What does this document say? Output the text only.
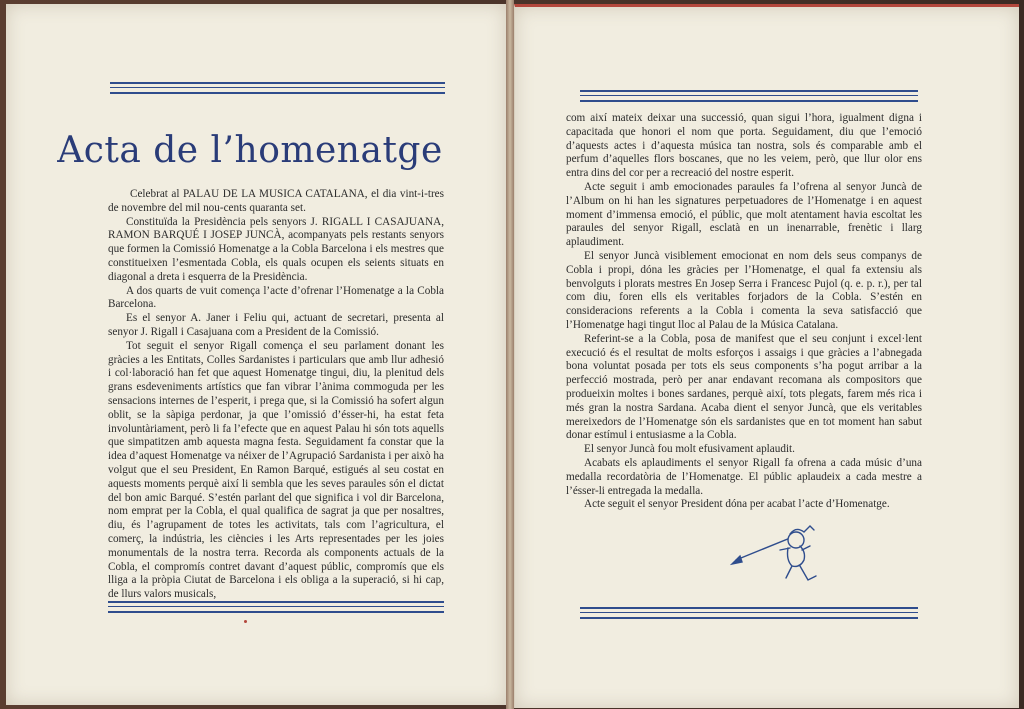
Acta de l’homenatge

Celebrat al PALAU DE LA MUSICA CATALANA, el dia vint-i-tres de novembre del mil nou-cents quaranta set.

Constituïda la Presidència pels senyors J. RIGALL I CASAJUANA, RAMON BARQUÉ I JOSEP JUNCÀ, acompanyats pels restants senyors que formen la Comissió Homenatge a la Cobla Barcelona i els mestres que constitueixen l’esmentada Cobla, els quals ocupen els seients situats en diagonal a dreta i esquerra de la Presidència.

A dos quarts de vuit comença l’acte d’ofrenar l’Homenatge a la Cobla Barcelona.

Es el senyor A. Janer i Feliu qui, actuant de secretari, presenta al senyor J. Rigall i Casajuana com a President de la Comissió.

Tot seguit el senyor Rigall comença el seu parlament donant les gràcies a les Entitats, Colles Sardanistes i particulars que amb llur adhesió i col·laboració han fet que aquest Homenatge tingui, diu, la plenitud dels grans esdeveniments artístics que fan vibrar l’ànima commoguda per les sensacions internes de l’esperit, i prega que, si la Comissió ha sofert algun oblit, se la sàpiga perdonar, ja que l’omissió d’ésser-hi, ha estat feta involuntàriament, però li fa l’efecte que en aquest Palau hi són tots aquells que simpatitzen amb aquesta magna festa. Seguidament fa constar que la idea d’aquest Homenatge va néixer de l’Agrupació Sardanista i per això ha volgut que el seu President, En Ramon Barqué, estigués al seu costat en aquests moments perquè així li sembla que les seves paraules són el dictat del bon amic Barqué. S’estén parlant del que significa i vol dir Barcelona, nom emprat per la Cobla, el qual qualifica de sagrat ja que per nosaltres, diu, és l’agrupament de totes les activitats, tals com l’agricultura, el comerç, la indústria, les ciències i les Arts representades per les joies monumentals de la nostra terra. Recorda als components actuals de la Cobla, el compromís contret davant d’aquest públic, compromís que els lliga a la pròpia Ciutat de Barcelona i els obliga a la superació, si hi cap, de llurs valors musicals,

com així mateix deixar una successió, quan sigui l’hora, igualment digna i capacitada que honori el nom que porta. Seguidament, diu que l’emoció d’aquests actes i d’aquesta música tan nostra, sols és comparable amb el perfum d’aquelles flors boscanes, que no les veiem, però, que llur olor ens entra dins del cor per a recreació del nostre esperit.

Acte seguit i amb emocionades paraules fa l’ofrena al senyor Juncà de l’Album on hi han les signatures perpetuadores de l’Homenatge i en aquest moment d’immensa emoció, el públic, que molt atentament havia escoltat les paraules del senyor Rigall, esclatà en un inenarrable, frenètic i llarg aplaudiment.

El senyor Juncà visiblement emocionat en nom dels seus companys de Cobla i propi, dóna les gràcies per l’Homenatge, el qual fa extensiu als benvolguts i plorats mestres En Josep Serra i Francesc Pujol (q. e. p. r.), per tal com diu, foren ells els veritables forjadors de la Cobla. S’estén en consideracions referents a la Cobla i comenta la seva satisfacció que l’Homenatge hagi tingut lloc al Palau de la Música Catalana.

Referint-se a la Cobla, posa de manifest que el seu conjunt i excel·lent execució és el resultat de molts esforços i assaigs i que gràcies a l’abnegada bona voluntat posada per tots els seus components s’ha pogut arribar a la perfecció mostrada, però per anar endavant recomana als compositors que produeixin moltes i bones sardanes, perquè així, tots plegats, farem més rica i més gran la nostra Sardana. Acaba dient el senyor Juncà, que els veritables mereixedors de l’Homenatge són els sardanistes que en tot moment han sabut donar estímul i entusiasme a la Cobla.

El senyor Juncà fou molt efusivament aplaudit.

Acabats els aplaudiments el senyor Rigall fa ofrena a cada músic d’una medalla recordatòria de l’Homenatge. El públic aplaudeix a cada mestre a l’ésser-li entregada la medalla.

Acte seguit el senyor President dóna per acabat l’acte d’Homenatge.
